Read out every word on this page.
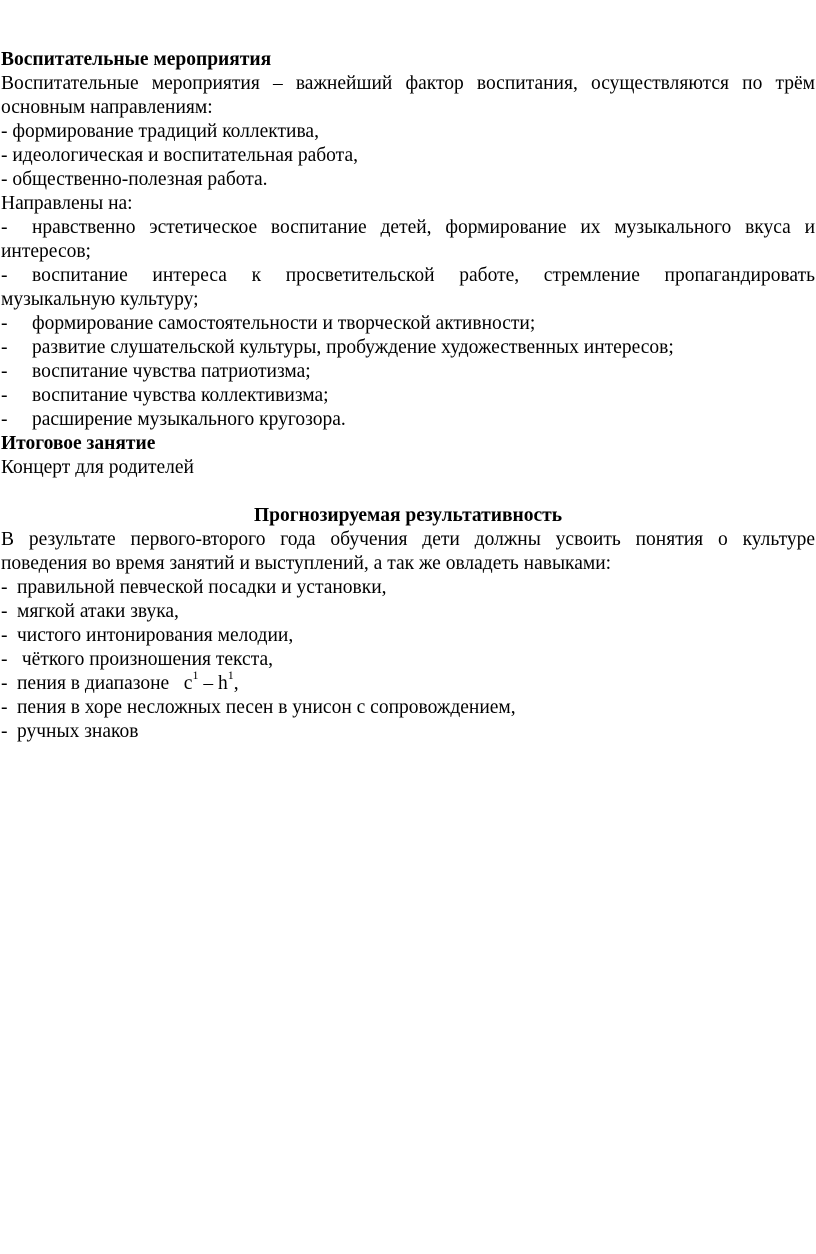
Воспитательные мероприятия

Воспитательные мероприятия – важнейший фактор воспитания, осуществляются по трём

основным направлениям:

- формирование традиций коллектива,

- идеологическая и воспитательная работа,

- общественно-полезная работа.

Направлены на:

-	нравственно эстетическое воспитание детей, формирование их музыкального вкуса и

интересов;

-	воспитание интереса к просветительской работе, стремление пропагандировать

музыкальную культуру;

-	формирование самостоятельности и творческой активности;
-	развитие слушательской культуры, пробуждение художественных интересов;
-	воспитание чувства патриотизма;
-	воспитание чувства коллективизма;
-	расширение музыкального кругозора.

Итоговое занятие

Концерт для родителей

Прогнозируемая результативность

В результате первого-второго года обучения дети должны усвоить понятия о культуре

поведения во время занятий и выступлений, а так же овладеть навыками:

- правильной певческой посадки и установки,
- мягкой атаки звука,
- чистого интонирования мелодии,
- чёткого произношения текста,
- пения в диапазоне   $с^1 - h^1$,
- пения в хоре несложных песен в унисон с сопровождением,
- ручных знаков
